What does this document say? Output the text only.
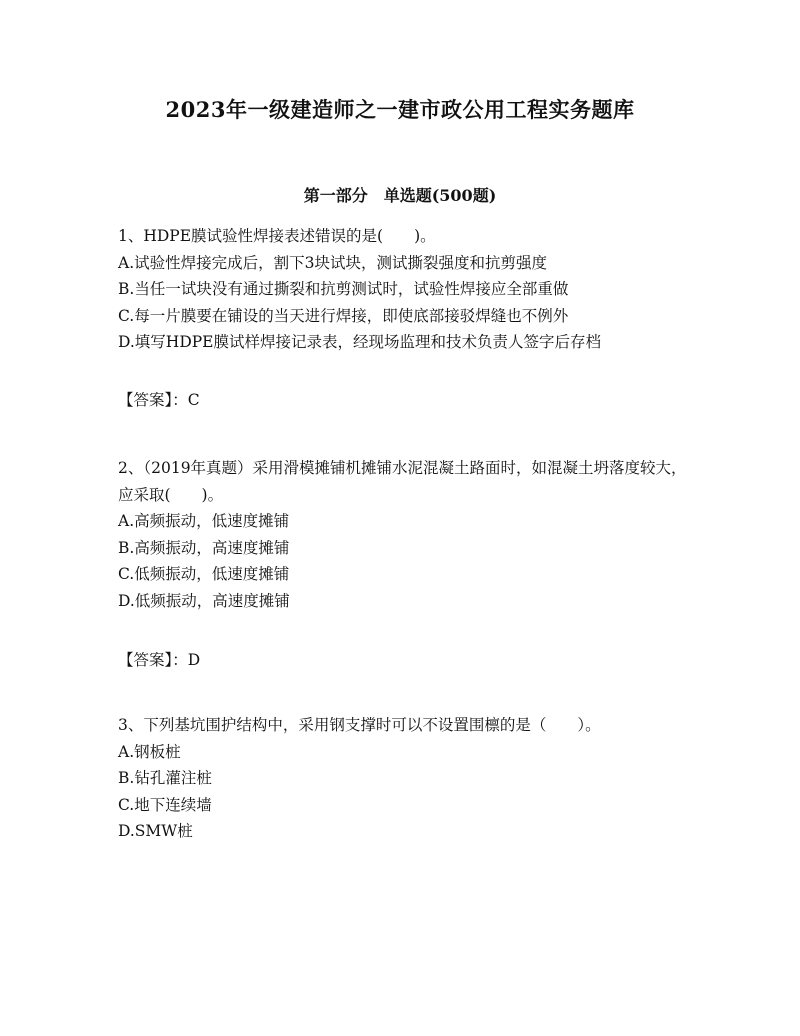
2023年一级建造师之一建市政公用工程实务题库
第一部分　单选题(500题)
1、HDPE膜试验性焊接表述错误的是(　　)。
A.试验性焊接完成后，割下3块试块，测试撕裂强度和抗剪强度
B.当任一试块没有通过撕裂和抗剪测试时，试验性焊接应全部重做
C.每一片膜要在铺设的当天进行焊接，即使底部接驳焊缝也不例外
D.填写HDPE膜试样焊接记录表，经现场监理和技术负责人签字后存档
【答案】：C
2、（2019年真题）采用滑模摊铺机摊铺水泥混凝土路面时，如混凝土坍落度较大，应采取(　　)。
A.高频振动，低速度摊铺
B.高频振动，高速度摊铺
C.低频振动，低速度摊铺
D.低频振动，高速度摊铺
【答案】：D
3、下列基坑围护结构中，采用钢支撑时可以不设置围檩的是（　　）。
A.钢板桩
B.钻孔灌注桩
C.地下连续墙
D.SMW桩
